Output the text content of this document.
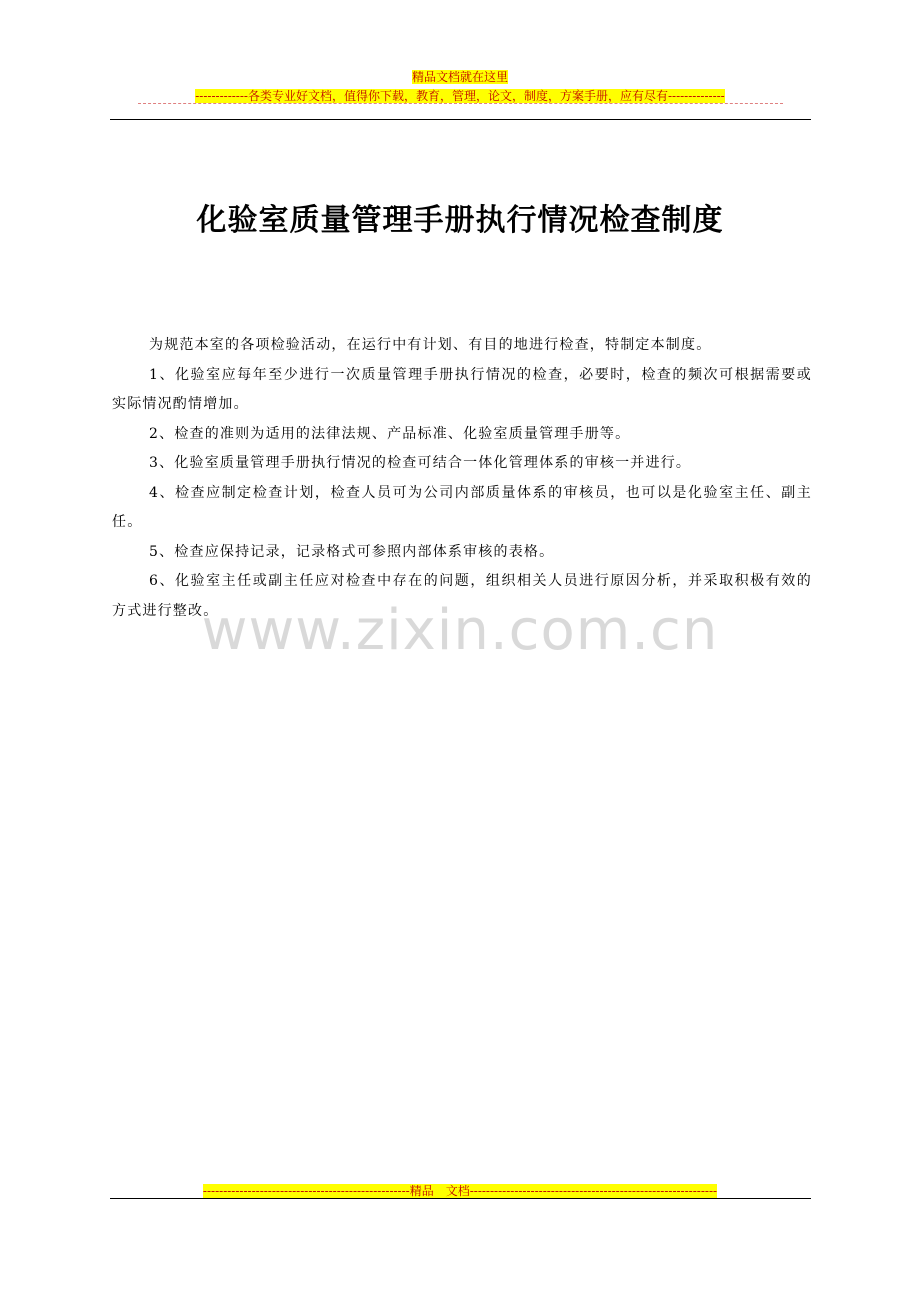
精品文档就在这里
-------------各类专业好文档，值得你下载，教育，管理，论文，制度，方案手册，应有尽有--------------
化验室质量管理手册执行情况检查制度

为规范本室的各项检验活动，在运行中有计划、有目的地进行检查，特制定本制度。

1、化验室应每年至少进行一次质量管理手册执行情况的检查，必要时，检查的频次可根据需要或实际情况酌情增加。

2、检查的准则为适用的法律法规、产品标准、化验室质量管理手册等。

3、化验室质量管理手册执行情况的检查可结合一体化管理体系的审核一并进行。

4、检查应制定检查计划，检查人员可为公司内部质量体系的审核员，也可以是化验室主任、副主任。

5、检查应保持记录，记录格式可参照内部体系审核的表格。

6、化验室主任或副主任应对检查中存在的问题，组织相关人员进行原因分析，并采取积极有效的方式进行整改。

www.zixin.com.cn
---------------------------------------------------精品　文档-------------------------------------------------------------
